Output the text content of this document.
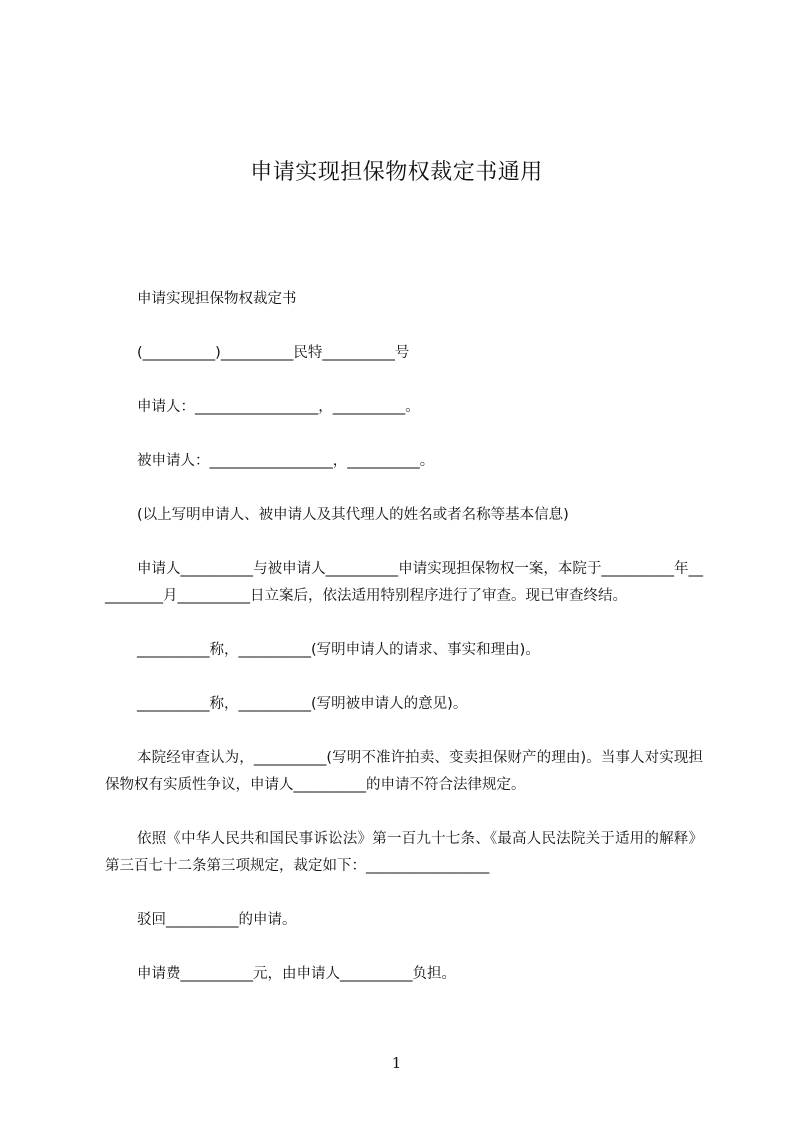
申请实现担保物权裁定书通用

申请实现担保物权裁定书

(__________)__________民特__________号

申请人：_________________，__________。

被申请人：_________________，__________。

(以上写明申请人、被申请人及其代理人的姓名或者名称等基本信息)

申请人__________与被申请人__________申请实现担保物权一案，本院于__________年__________月__________日立案后，依法适用特别程序进行了审查。现已审查终结。

__________称，__________(写明申请人的请求、事实和理由)。

__________称，__________(写明被申请人的意见)。

本院经审查认为，__________(写明不准许拍卖、变卖担保财产的理由)。当事人对实现担保物权有实质性争议，申请人__________的申请不符合法律规定。

依照《中华人民共和国民事诉讼法》第一百九十七条、《最高人民法院关于适用的解释》第三百七十二条第三项规定，裁定如下：_________________

驳回__________的申请。

申请费__________元，由申请人__________负担。

1
